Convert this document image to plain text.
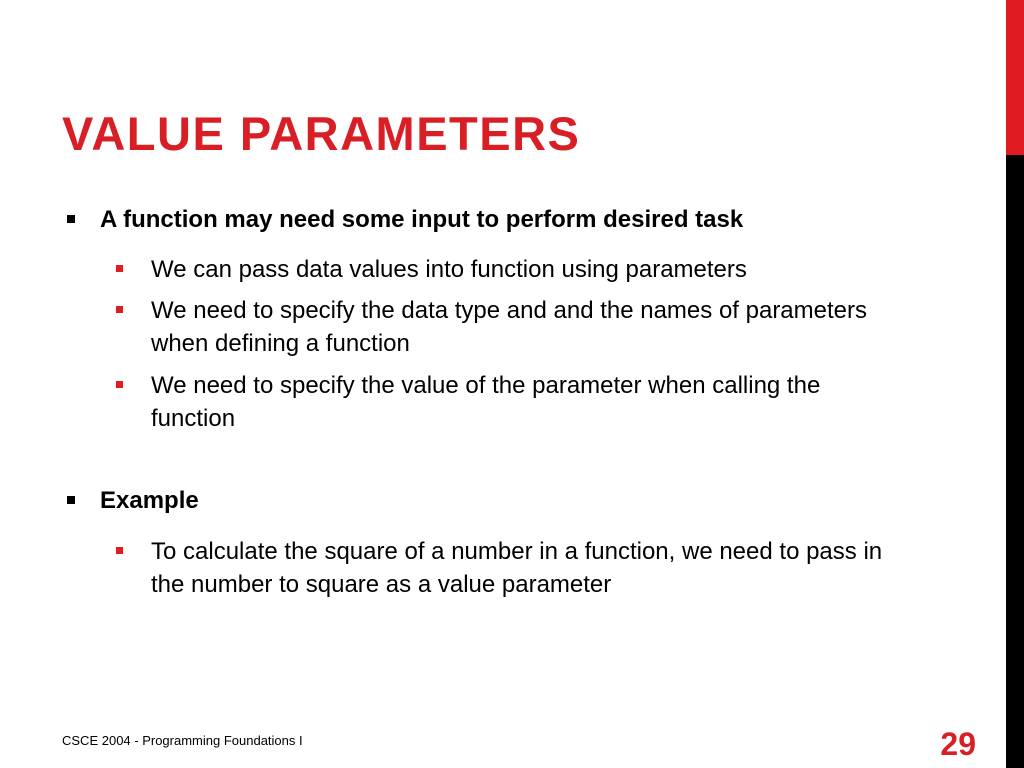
VALUE PARAMETERS
A function may need some input to perform desired task
We can pass data values into function using parameters
We need to specify the data type and and the names of parameters when defining a function
We need to specify the value of the parameter when calling the function
Example
To calculate the square of a number in a function, we need to pass in the number to square as a value parameter
CSCE 2004 - Programming Foundations I	29
